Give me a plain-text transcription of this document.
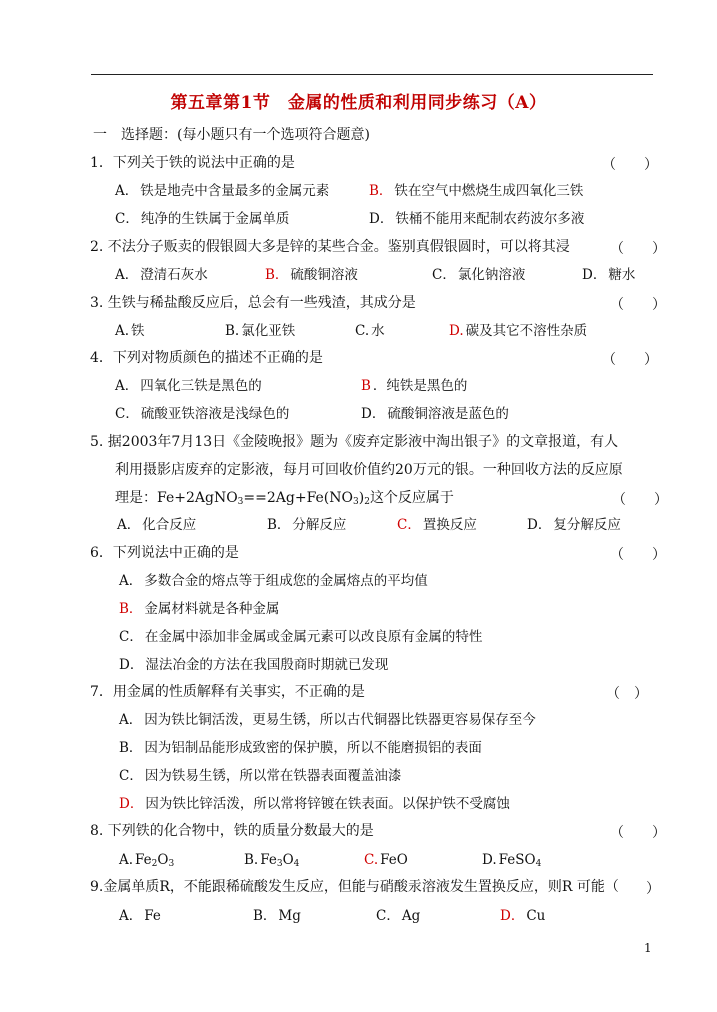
第五章第1节　金属的性质和利用同步练习（A）
一　选择题：(每小题只有一个选项符合题意)
1．下列关于铁的说法中正确的是	（　　）
A． 铁是地壳中含量最多的金属元素	B． 铁在空气中燃烧生成四氧化三铁
C． 纯净的生铁属于金属单质	D． 铁桶不能用来配制农药波尔多液
2. 不法分子贩卖的假银圆大多是锌的某些合金。鉴别真假银圆时，可以将其浸	（　　）
A． 澄清石灰水	B． 硫酸铜溶液	C． 氯化钠溶液	D． 糖水
3. 生铁与稀盐酸反应后，总会有一些残渣，其成分是	（　　）
A. 铁	B. 氯化亚铁	C. 水	D. 碳及其它不溶性杂质
4．下列对物质颜色的描述不正确的是	（　　）
A． 四氧化三铁是黑色的	B ．纯铁是黑色的
C． 硫酸亚铁溶液是浅绿色的	D． 硫酸铜溶液是蓝色的
5. 据2003年7月13日《金陵晚报》题为《废弃定影液中淘出银子》的文章报道，有人
利用摄影店废弃的定影液，每月可回收价值约20万元的银。一种回收方法的反应原
理是：$Fe+2AgNO_3==2Ag+Fe(NO_3)_2$这个反应属于	（　　）
A． 化合反应	B． 分解反应	C． 置换反应	D． 复分解反应
6．下列说法中正确的是	（　　）
A． 多数合金的熔点等于组成您的金属熔点的平均值
B． 金属材料就是各种金属
C． 在金属中添加非金属或金属元素可以改良原有金属的特性
D． 湿法冶金的方法在我国殷商时期就已发现
7．用金属的性质解释有关事实，不正确的是	（　）
A． 因为铁比铜活泼，更易生锈，所以古代铜器比铁器更容易保存至今
B． 因为铝制品能形成致密的保护膜，所以不能磨损铝的表面
C． 因为铁易生锈，所以常在铁器表面覆盖油漆
D． 因为铁比锌活泼，所以常将锌镀在铁表面。以保护铁不受腐蚀
8. 下列铁的化合物中，铁的质量分数最大的是	（　　）
A. $Fe_2O_3$	B. $Fe_3O_4$	C. FeO	D. FeSO$_4$
9.金属单质R，不能跟稀硫酸发生反应，但能与硝酸汞溶液发生置换反应，则R 可能（ ）
A． Fe	B． Mg	C． Ag	D． Cu
1
